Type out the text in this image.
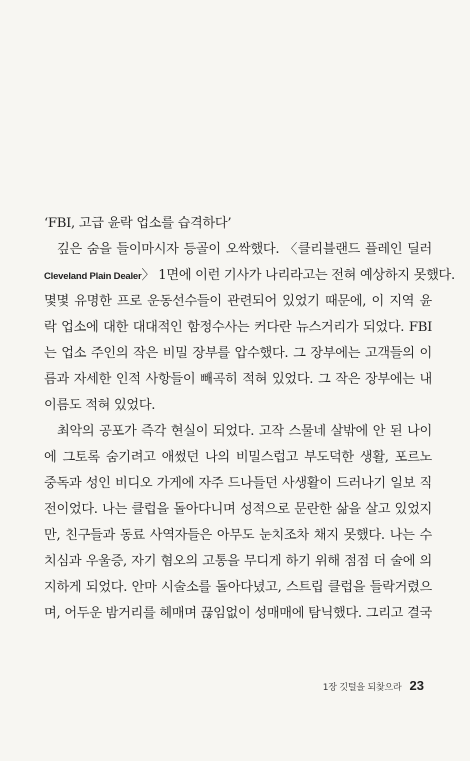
‘FBI, 고급 윤락 업소를 습격하다’
깊은 숨을 들이마시자 등골이 오싹했다. 〈클리블랜드 플레인 딜러
Cleveland Plain Dealer〉 1면에 이런 기사가 나리라고는 전혀 예상하지 못했다.
몇몇 유명한 프로 운동선수들이 관련되어 있었기 때문에, 이 지역 윤
락 업소에 대한 대대적인 함정수사는 커다란 뉴스거리가 되었다. FBI
는 업소 주인의 작은 비밀 장부를 압수했다. 그 장부에는 고객들의 이
름과 자세한 인적 사항들이 빼곡히 적혀 있었다. 그 작은 장부에는 내
이름도 적혀 있었다.
최악의 공포가 즉각 현실이 되었다. 고작 스물네 살밖에 안 된 나이
에 그토록 숨기려고 애썼던 나의 비밀스럽고 부도덕한 생활, 포르노
중독과 성인 비디오 가게에 자주 드나들던 사생활이 드러나기 일보 직
전이었다. 나는 클럽을 돌아다니며 성적으로 문란한 삶을 살고 있었지
만, 친구들과 동료 사역자들은 아무도 눈치조차 채지 못했다. 나는 수
치심과 우울증, 자기 혐오의 고통을 무디게 하기 위해 점점 더 술에 의
지하게 되었다. 안마 시술소를 돌아다녔고, 스트립 클럽을 들락거렸으
며, 어두운 밤거리를 헤매며 끊임없이 성매매에 탐닉했다. 그리고 결국
1장 깃털을 되찾으라 23
